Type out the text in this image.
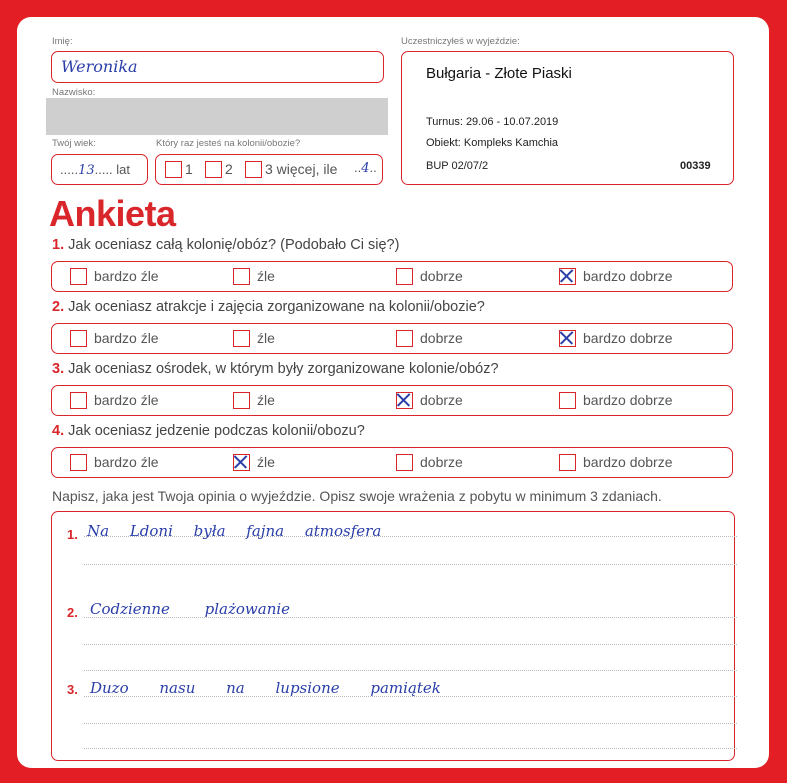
Imię:
Weronika
Nazwisko:
Twój wiek:
.....13..... lat
Który raz jesteś na kolonii/obozie?
1 2 3 więcej, ile ..4..
Uczestniczyłeś w wyjeździe:
Bułgaria - Złote Piaski
Turnus: 29.06 - 10.07.2019
Obiekt: Kompleks Kamchia
BUP 02/07/2	00339
Ankieta
1. Jak oceniasz całą kolonię/obóz? (Podobało Ci się?)
bardzo źle	źle	dobrze	bardzo dobrze
2. Jak oceniasz atrakcje i zajęcia zorganizowane na kolonii/obozie?
bardzo źle	źle	dobrze	bardzo dobrze
3. Jak oceniasz ośrodek, w którym były zorganizowane kolonie/obóz?
bardzo źle	źle	dobrze	bardzo dobrze
4. Jak oceniasz jedzenie podczas kolonii/obozu?
bardzo źle	źle	dobrze	bardzo dobrze
Napisz, jaka jest Twoja opinia o wyjeździe. Opisz swoje wrażenia z pobytu w minimum 3 zdaniach.
1. Na Ldoni była fajna atmosfera
2. Codzienne plażowanie
3. Duzo nasu na lupsione pamiątek
